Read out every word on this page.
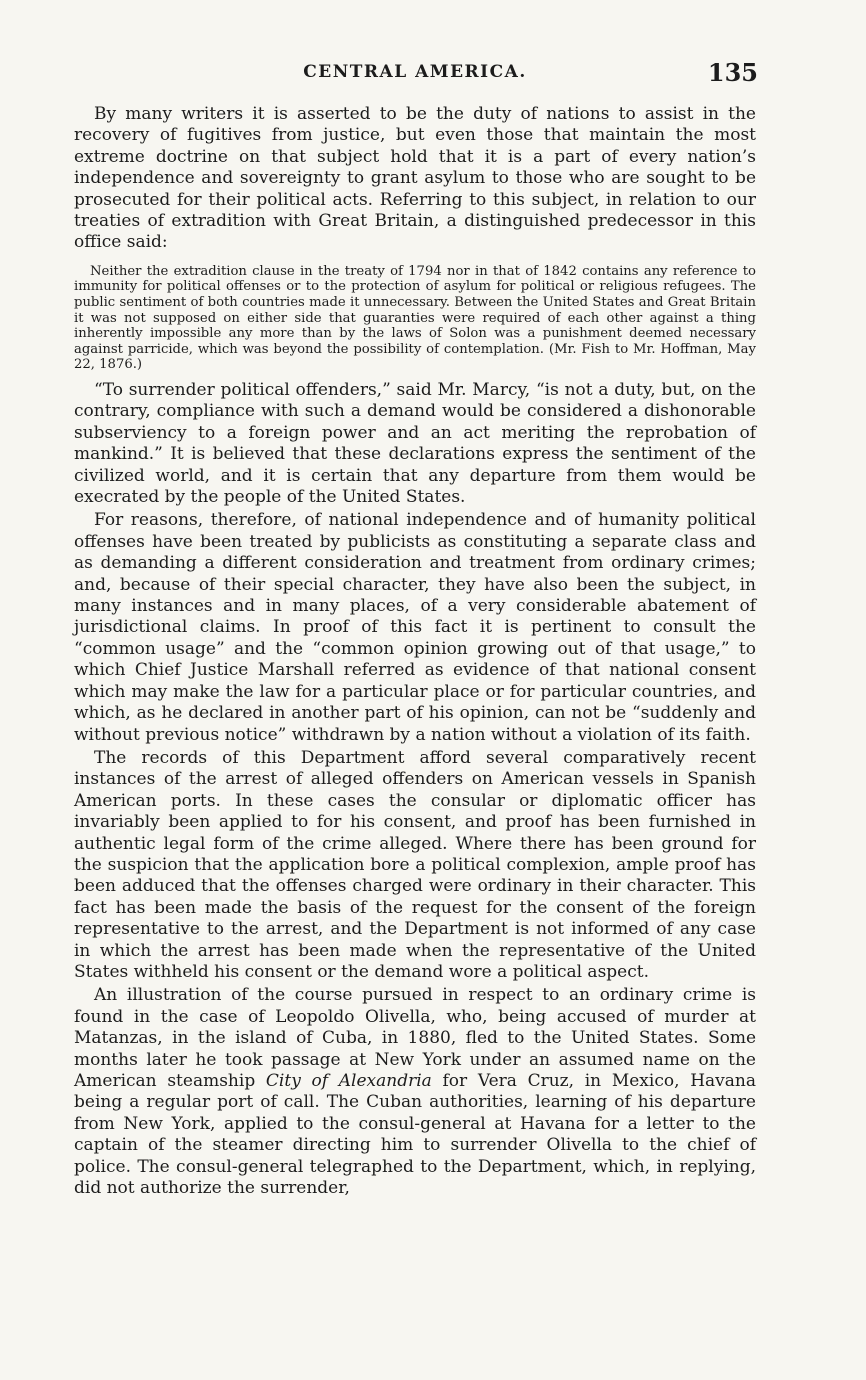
CENTRAL AMERICA.	135

By many writers it is asserted to be the duty of nations to assist in the recovery of fugitives from justice, but even those that maintain the most extreme doctrine on that subject hold that it is a part of every nation’s independence and sovereignty to grant asylum to those who are sought to be prosecuted for their political acts. Referring to this subject, in relation to our treaties of extradition with Great Britain, a distinguished predecessor in this office said:

Neither the extradition clause in the treaty of 1794 nor in that of 1842 contains any reference to immunity for political offenses or to the protection of asylum for political or religious refugees. The public sentiment of both countries made it unnecessary. Between the United States and Great Britain it was not supposed on either side that guaranties were required of each other against a thing inherently impossible any more than by the laws of Solon was a punishment deemed necessary against parricide, which was beyond the possibility of contemplation. (Mr. Fish to Mr. Hoffman, May 22, 1876.)

“To surrender political offenders,” said Mr. Marcy, “is not a duty, but, on the contrary, compliance with such a demand would be considered a dishonorable subserviency to a foreign power and an act meriting the reprobation of mankind.” It is believed that these declarations express the sentiment of the civilized world, and it is certain that any departure from them would be execrated by the people of the United States.

For reasons, therefore, of national independence and of humanity political offenses have been treated by publicists as constituting a separate class and as demanding a different consideration and treatment from ordinary crimes; and, because of their special character, they have also been the subject, in many instances and in many places, of a very considerable abatement of jurisdictional claims. In proof of this fact it is pertinent to consult the “common usage” and the “common opinion growing out of that usage,” to which Chief Justice Marshall referred as evidence of that national consent which may make the law for a particular place or for particular countries, and which, as he declared in another part of his opinion, can not be “suddenly and without previous notice” withdrawn by a nation without a violation of its faith.

The records of this Department afford several comparatively recent instances of the arrest of alleged offenders on American vessels in Spanish American ports. In these cases the consular or diplomatic officer has invariably been applied to for his consent, and proof has been furnished in authentic legal form of the crime alleged. Where there has been ground for the suspicion that the application bore a political complexion, ample proof has been adduced that the offenses charged were ordinary in their character. This fact has been made the basis of the request for the consent of the foreign representative to the arrest, and the Department is not informed of any case in which the arrest has been made when the representative of the United States withheld his consent or the demand wore a political aspect.

An illustration of the course pursued in respect to an ordinary crime is found in the case of Leopoldo Olivella, who, being accused of murder at Matanzas, in the island of Cuba, in 1880, fled to the United States. Some months later he took passage at New York under an assumed name on the American steamship City of Alexandria for Vera Cruz, in Mexico, Havana being a regular port of call. The Cuban authorities, learning of his departure from New York, applied to the consul-general at Havana for a letter to the captain of the steamer directing him to surrender Olivella to the chief of police. The consul-general telegraphed to the Department, which, in replying, did not authorize the surrender,
